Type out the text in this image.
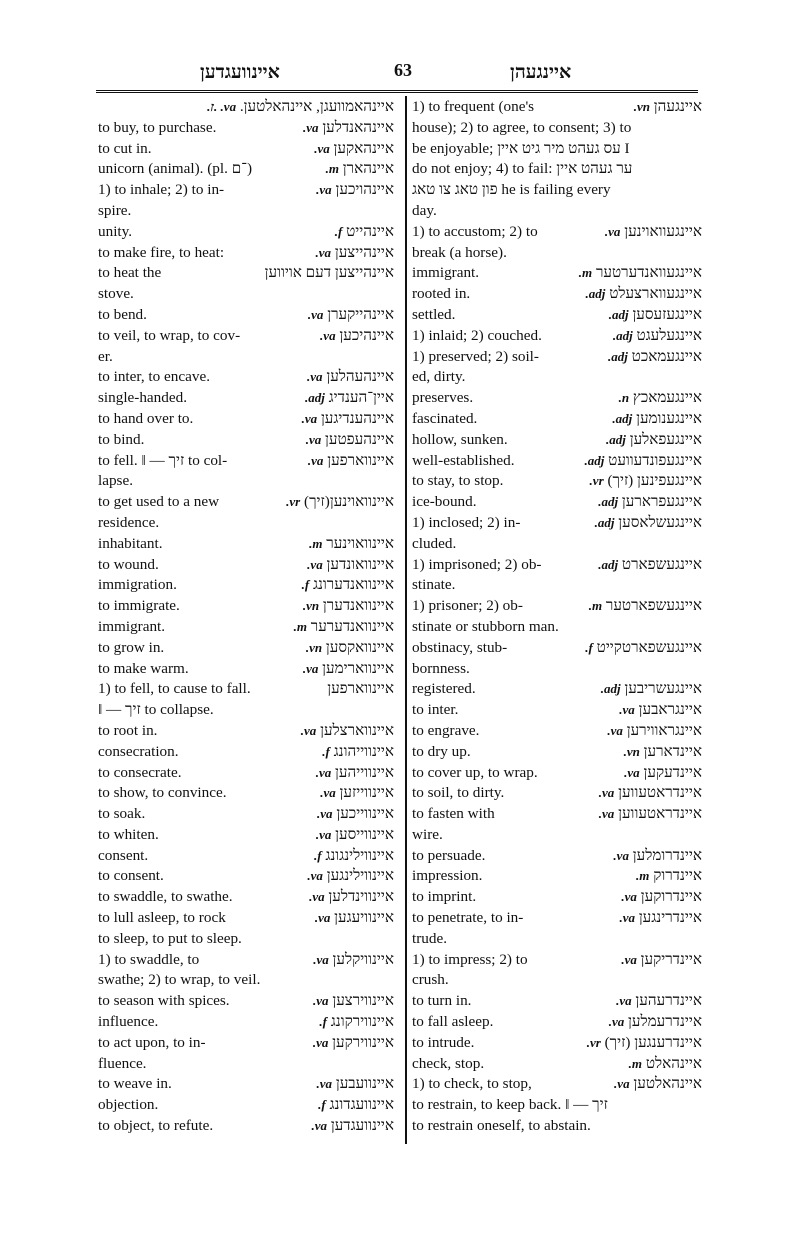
איינוועגדען	63	איינגעהן
איינהאמוועגן, איינהאלטען. va. .ז.
to buy, to purchase.	איינהאנדלען va.
to cut in.	איינהאקען va.
unicorn (animal). (pl. ־ם)	איינהארן m.
1) to inhale; 2) to in-	איינהויכען va.
spire.
unity.	איינהייט f.
to make fire, to heat:	איינהייצען va.
to heat the	איינהייצען דעם אויווען
stove.
to bend.	איינהייקערן va.
to veil, to wrap, to cov-	איינהיכען va.
er.
to inter, to encave.	איינהעהלען va.
single-handed.	איין־הענדיג adj.
to hand over to.	איינהענדיגען va.
to bind.	איינהעפטען va.
to fell. ‖ — זיך to col-	איינווארפען va.
lapse.
to get used to a new	איינוואוינען(זיך) vr.
residence.
inhabitant.	איינוואוינער m.
to wound.	איינוואונדען va.
immigration.	איינוואנדערונג f.
to immigrate.	איינוואנדערן vn.
immigrant.	איינוואנדערער m.
to grow in.	איינוואקסען vn.
to make warm.	איינווארימען va.
1) to fell, to cause to fall.	איינווארפען
‖ — זיך to collapse.
to root in.	איינווארצלען va.
consecration.	איינווייהונג f.
to consecrate.	איינווייהען va.
to show, to convince.	איינווייזען va.
to soak.	איינווייכען va.
to whiten.	איינווייסען va.
consent.	איינווילינגונג f.
to consent.	איינווילינגען va.
to swaddle, to swathe.	איינווינדלען va.
to lull asleep, to rock	איינוויעגען va.
to sleep, to put to sleep.
1) to swaddle, to	איינוויקלען va.
swathe; 2) to wrap, to veil.
to season with spices.	איינווירצען va.
influence.	איינווירקונג f.
to act upon, to in-	איינווירקען va.
fluence.
to weave in.	איינוועבען va.
objection.	איינוועגדונג f.
to object, to refute.	איינוועגדען va.
1) to frequent (one's	איינגעהן vn.
house); 2) to agree, to consent; 3) to
be enjoyable; עס געהט מיר גיט איין I
do not enjoy; 4) to fail: ער געהט איין
פון טאג צו טאג he is failing every
day.
1) to accustom; 2) to	איינגעוואוינען va.
break (a horse).
immigrant.	איינגעוואנדערטער m.
rooted in.	איינגעווארצעלט adj.
settled.	איינגעזעסען adj.
1) inlaid; 2) couched.	איינגעלעגט adj.
1) preserved; 2) soil-	איינגעמאכט adj.
ed, dirty.
preserves.	איינגעמאכץ n.
fascinated.	איינגענומען adj.
hollow, sunken.	איינגעפאלען adj.
well-established.	איינגעפונדעוועט adj.
to stay, to stop.	איינגעפינען (זיך) vr.
ice-bound.	איינגעפרארען adj.
1) inclosed; 2) in-	איינגעשלאסען adj.
cluded.
1) imprisoned; 2) ob-	איינגעשפארט adj.
stinate.
1) prisoner; 2) ob-	איינגעשפארטער m.
stinate or stubborn man.
obstinacy, stub-	איינגעשפארטקייט f.
bornness.
registered.	איינגעשריבען adj.
to inter.	איינגראבען va.
to engrave.	איינגראווירען va.
to dry up.	איינדארען vn.
to cover up, to wrap.	איינדעקען va.
to soil, to dirty.	איינדראטעווען va.
to fasten with	איינדראטעווען va.
wire.
to persuade.	איינדרומלען va.
impression.	איינדרוק m.
to imprint.	איינדרוקען va.
to penetrate, to in-	איינדרינגען va.
trude.
1) to impress; 2) to	איינדריקען va.
crush.
to turn in.	איינדרעהען va.
to fall asleep.	איינדרעמלען va.
to intrude.	איינדרענגען (זיך) vr.
check, stop.	איינהאלט m.
1) to check, to stop,	איינהאלטען va.
to restrain, to keep back. ‖ — זיך
to restrain oneself, to abstain.
